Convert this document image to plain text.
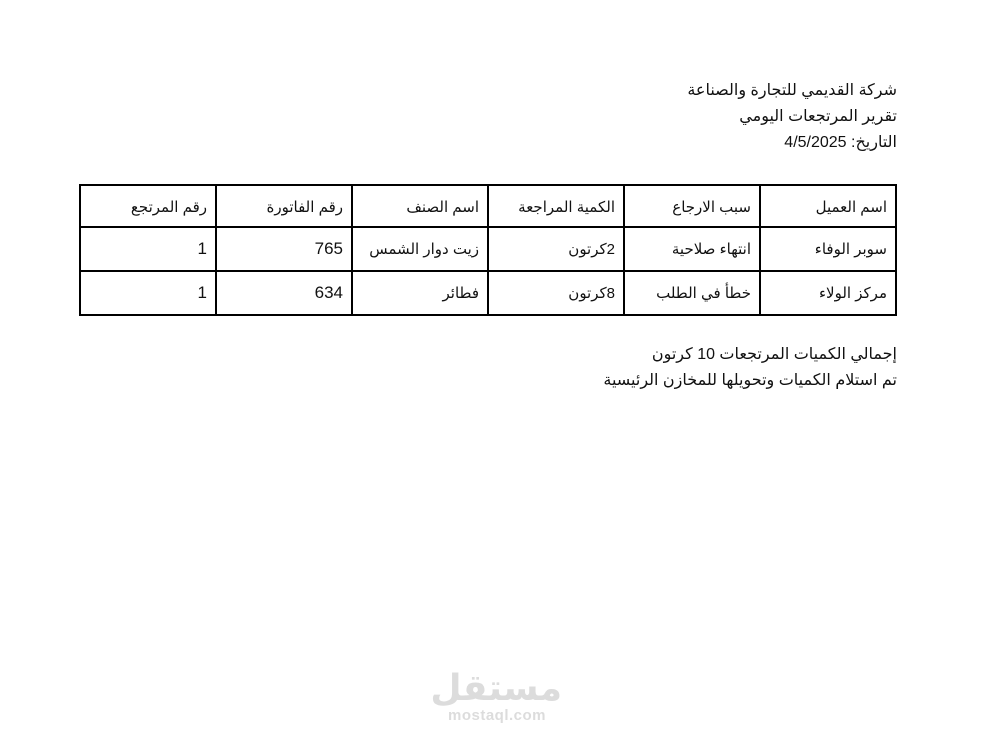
شركة القديمي للتجارة والصناعة
تقرير المرتجعات اليومي
التاريخ: 4/5/2025
اسم العميل	سبب الارجاع	الكمية المراجعة	اسم الصنف	رقم الفاتورة	رقم المرتجع
سوبر الوفاء	انتهاء صلاحية	2كرتون	زيت دوار الشمس	765	1
مركز الولاء	خطأ في الطلب	8كرتون	فطائر	634	1
إجمالي الكميات المرتجعات 10 كرتون
تم استلام الكميات وتحويلها للمخازن الرئيسية
مستقل
mostaql.com
